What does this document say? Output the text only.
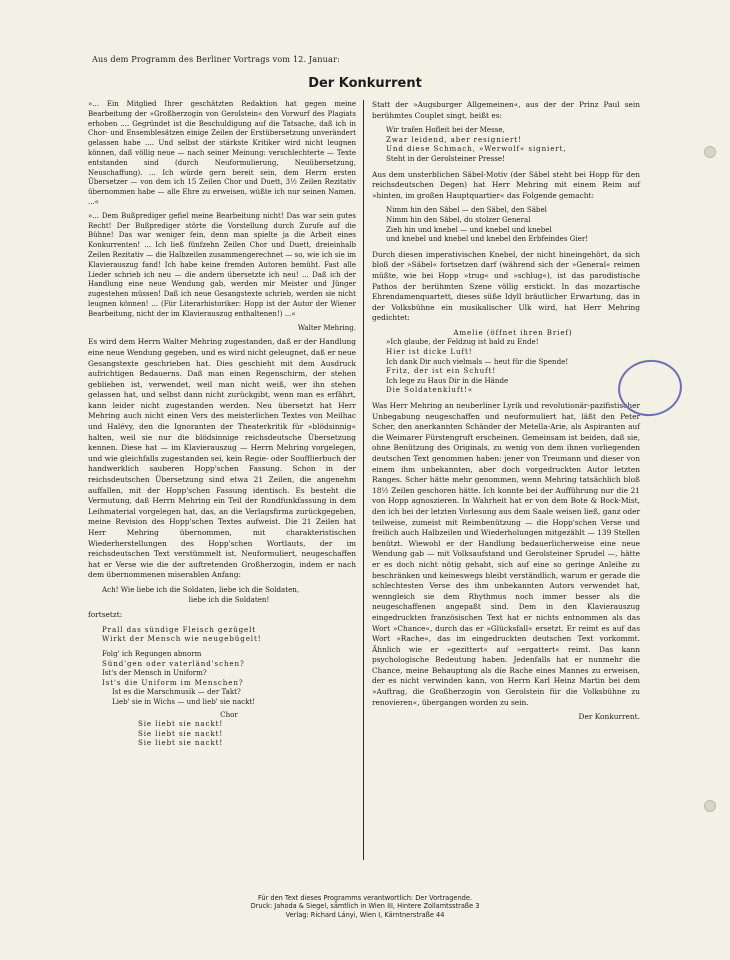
Aus dem Programm des Berliner Vortrags vom 12. Januar:
Der Konkurrent

»... Ein Mitglied Ihrer geschätzten Redaktion hat gegen meine Bearbeitung der »Großherzogin von Gerolstein« den Vorwurf des Plagiats erhoben .... Gegründet ist die Beschuldigung auf die Tatsache, daß ich in Chor- und Ensemblesätzen einige Zeilen der Erstübersetzung unverändert gelassen habe .... Und selbst der stärkste Kritiker wird nicht leugnen können, daß völlig neue — nach seiner Meinung: verschlechterte — Texte entstanden sind (durch Neuformulierung, Neuübersetzung, Neuschaffung). ... Ich würde gern bereit sein, dem Herrn ersten Übersetzer — von dem ich 15 Zeilen Chor und Duett, 3½ Zeilen Rezitativ übernommen habe — alle Ehre zu erweisen, wüßte ich nur seinen Namen. ...«

»... Dem Bußprediger gefiel meine Bearbeitung nicht! Das war sein gutes Recht! Der Bußprediger störte die Vorstellung durch Zurufe auf die Bühne! Das war weniger fein, denn man spielte ja die Arbeit eines Konkurrenten! ... Ich ließ fünfzehn Zeilen Chor und Duett, dreieinhalb Zeilen Rezitativ — die Halbzeilen zusammengerechnet — so, wie ich sie im Klavierauszug fand! Ich habe keine fremden Autoren bemüht. Fast alle Lieder schrieb ich neu — die andern übersetzte ich neu! ... Daß ich der Handlung eine neue Wendung gab, werden mir Meister und Jünger zugestehen müssen! Daß ich neue Gesangstexte schrieb, werden sie nicht leugnen können! ... (Für Literarhistoriker: Hopp ist der Autor der Wiener Bearbeitung, nicht der im Klavierauszug enthaltenen!) ...«

Walter Mehring.

Es wird dem Herrn Walter Mehring zugestanden, daß er der Handlung eine neue Wendung gegeben, und es wird nicht geleugnet, daß er neue Gesangstexte geschrieben hat. Dies geschieht mit dem Ausdruck aufrichtigen Bedauerns. Daß man einen Regenschirm, der stehen geblieben ist, verwendet, weil man nicht weiß, wer ihn stehen gelassen hat, und selbst dann nicht zurückgibt, wenn man es erfährt, kann leider nicht zugestanden werden. Neu übersetzt hat Herr Mehring auch nicht einen Vers des meisterlichen Textes von Meilhac und Halévy, den die Ignoranten der Theaterkritik für »blödsinnig« halten, weil sie nur die blödsinnige reichsdeutsche Übersetzung kennen. Diese hat — im Klavierauszug — Herrn Mehring vorgelegen, und wie gleichfalls zugestanden sei, kein Regie- oder Soufflierbuch der handwerklich sauberen Hopp'schen Fassung. Schon in der reichsdeutschen Übersetzung sind etwa 21 Zeilen, die angenehm auffallen, mit der Hopp'schen Fassung identisch. Es besteht die Vermutung, daß Herrn Mehring ein Teil der Rundfunkfassung in dem Leihmaterial vorgelegen hat, das, an die Verlagsfirma zurückgegeben, meine Revision des Hopp'schen Textes aufweist. Die 21 Zeilen hat Herr Mehring übernommen, mit charakteristischen Wiederherstellungen des Hopp'schen Wortlauts, der im reichsdeutschen Text verstümmelt ist. Neuformuliert, neugeschaffen hat er Verse wie die der auftretenden Großherzogin, indem er nach dem übernommenen miserablen Anfang:

Ach! Wie liebe ich die Soldaten, liebe ich die Soldaten,
liebe ich die Soldaten!

fortsetzt:

Prall das sündige Fleisch gezügelt
Wirkt der Mensch wie neugebügelt!
Folg' ich Regungen abnorm
Sünd'gen oder vaterländ'schen?
Ist's der Mensch in Uniform?
Ist's die Uniform im Menschen?
Ist es die Marschmusik — der Takt?
Lieb' sie in Wichs — und lieb' sie nackt!
Chor
Sie liebt sie nackt!
Sie liebt sie nackt!
Sie liebt sie nackt!

Statt der »Augsburger Allgemeinen«, aus der der Prinz Paul sein berühmtes Couplet singt, heißt es:

Wir trafen Hofleit bei der Messe,
Zwar leidend, aber resigniert!
Und diese Schmach, »Werwolf« signiert,
Steht in der Gerolsteiner Presse!

Aus dem unsterblichen Säbel-Motiv (der Säbel steht bei Hopp für den reichsdeutschen Degen) hat Herr Mehring mit einem Reim auf »hinten, im großen Hauptquartier« das Folgende gemacht:

Nimm hin den Säbel — den Säbel, den Säbel
Nimm hin den Säbel, du stolzer General
Zieh hin und knebel — und knebel und knebel
und knebel und knebel und knebel den Erbfeindes Gier!

Durch diesen imperativischen Knebel, der nicht hineingehört, da sich bloß der »Säbel« fortsetzen darf (während sich der »General« reimen müßte, wie bei Hopp »trug« und »schlug«), ist das parodistische Pathos der berühmten Szene völlig erstickt. In das mozartische Ehrendamenquartett, dieses süße Idyll bräutlicher Erwartung, das in der Volksbühne ein musikalischer Ulk wird, hat Herr Mehring gedichtet:

Amelie (öffnet ihren Brief)
»Ich glaube, der Feldzug ist bald zu Ende!
Hier ist dicke Luft!
Ich dank Dir auch vielmals — heut für die Spende!
Fritz, der ist ein Schuft!
Ich lege zu Haus Dir in die Hände
Die Soldatenkluft!«

Was Herr Mehring an neuberliner Lyrik und revolutionär-pazifistischer Unbegabung neugeschaffen und neuformuliert hat, läßt den Peter Scher, den anerkannten Schänder der Metella-Arie, als Aspiranten auf die Weimarer Fürstengruft erscheinen. Gemeinsam ist beiden, daß sie, ohne Benützung des Originals, zu wenig von dem ihnen vorliegenden deutschen Text genommen haben: jener von Treumann und dieser von einem ihm unbekannten, aber doch vorgedruckten Autor letzten Ranges. Scher hätte mehr genommen, wenn Mehring tatsächlich bloß 18½ Zeilen geschoren hätte. Ich konnte bei der Aufführung nur die 21 von Hopp agnoszieren. In Wahrheit hat er von dem Bote & Bock-Mist, den ich bei der letzten Vorlesung aus dem Saale weisen ließ, ganz oder teilweise, zumeist mit Reimbenützung — die Hopp'schen Verse und freilich auch Halbzeilen und Wiederholungen mitgezählt — 139 Stellen benützt. Wiewohl er der Handlung bedauerlicherweise eine neue Wendung gab — mit Volksaufstand und Gerolsteiner Sprudel —, hätte er es doch nicht nötig gehabt, sich auf eine so geringe Anleihe zu beschränken und keineswegs bleibt verständlich, warum er gerade die schlechtesten Verse des ihm unbekannten Autors verwendet hat, wenngleich sie dem Rhythmus noch immer besser als die neugeschaffenen angepaßt sind. Dem in den Klavierauszug eingedruckten französischen Text hat er nichts entnommen als das Wort »Chance«, durch das er »Glücksfall« ersetzt. Er reimt es auf das Wort »Rache«, das im eingedruckten deutschen Text vorkommt. Ähnlich wie er »gezittert« auf »ergattert« reimt. Das kann psychologische Bedeutung haben. Jedenfalls hat er nunmehr die Chance, meine Behauptung als die Rache eines Mannes zu erweisen, der es nicht verwinden kann, von Herrn Karl Heinz Martin bei dem »Auftrag, die Großherzogin von Gerolstein für die Volksbühne zu renovieren«, übergangen worden zu sein.

Der Konkurrent.

Für den Text dieses Programms verantwortlich: Der Vortragende.
Druck: Jahoda & Siegel, sämtlich in Wien III, Hintere Zollamtsstraße 3
Verlag: Richard Lányi, Wien I, Kärntnerstraße 44
